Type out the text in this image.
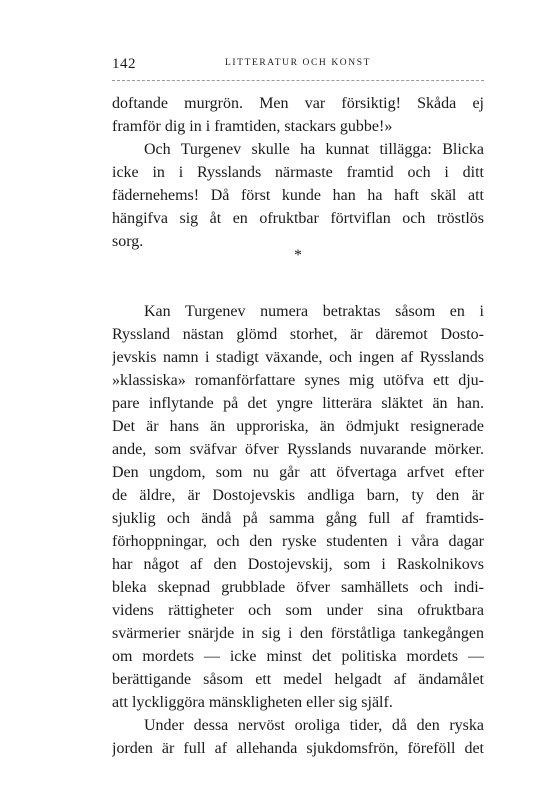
142	LITTERATUR OCH KONST
doftande murgrön. Men var försiktig! Skåda ej
framför dig in i framtiden, stackars gubbe!»
Och Turgenev skulle ha kunnat tillägga: Blicka
icke in i Rysslands närmaste framtid och i ditt
fädernehems! Då först kunde han ha haft skäl att
hängifva sig åt en ofruktbar förtviflan och tröstlös
sorg.
*
Kan Turgenev numera betraktas såsom en i
Ryssland nästan glömd storhet, är däremot Dosto-
jevskis namn i stadigt växande, och ingen af Rysslands
»klassiska» romanförfattare synes mig utöfva ett dju-
pare inflytande på det yngre litterära släktet än han.
Det är hans än upproriska, än ödmjukt resignerade
ande, som sväfvar öfver Rysslands nuvarande mörker.
Den ungdom, som nu går att öfvertaga arfvet efter
de äldre, är Dostojevskis andliga barn, ty den är
sjuklig och ändå på samma gång full af framtids-
förhoppningar, och den ryske studenten i våra dagar
har något af den Dostojevskij, som i Raskolnikovs
bleka skepnad grubblade öfver samhällets och indi-
videns rättigheter och som under sina ofruktbara
svärmerier snärjde in sig i den förståtliga tankegången
om mordets — icke minst det politiska mordets —
berättigande såsom ett medel helgadt af ändamålet
att lyckliggöra mänskligheten eller sig själf.
Under dessa nervöst oroliga tider, då den ryska
jorden är full af allehanda sjukdomsfrön, föreföll det
